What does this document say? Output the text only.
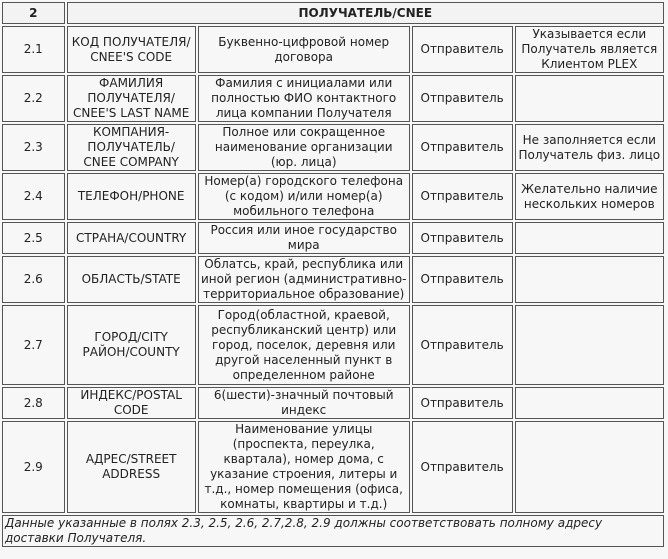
2	ПОЛУЧАТЕЛЬ/CNEE			
2.1	КОД ПОЛУЧАТЕЛЯ/ CNEE'S CODE	Буквенно-цифровой номер договора	Отправитель	Указывается если Получатель является Клиентом PLEX
2.2	ФАМИЛИЯ ПОЛУЧАТЕЛЯ/ CNEE'S LAST NAME	Фамилия с инициалами или полностью ФИО контактного лица компании Получателя	Отправитель	
2.3	КОМПАНИЯ-ПОЛУЧАТЕЛЬ/ CNEE COMPANY	Полное или сокращенное наименование организации (юр. лица)	Отправитель	Не заполняется если Получатель физ. лицо
2.4	ТЕЛЕФОН/PHONE	Номер(а) городского телефона (с кодом) и/или номер(а) мобильного телефона	Отправитель	Желательно наличие нескольких номеров
2.5	СТРАНА/COUNTRY	Россия или иное государство мира	Отправитель	
2.6	ОБЛАСТЬ/STATE	Облатсь, край, республика или иной регион (административно-территориальное образование)	Отправитель	
2.7	ГОРОД/CITY РАЙОН/COUNTY	Город(областной, краевой, республиканский центр) или город, поселок, деревня или другой населенный пункт в определенном районе	Отправитель	
2.8	ИНДЕКС/POSTAL CODE	6(шести)-значный почтовый индекс	Отправитель	
2.9	АДРЕС/STREET ADDRESS	Наименование улицы (проспекта, переулка, квартала), номер дома, с указание строения, литеры и т.д., номер помещения (офиса, комнаты, квартиры и т.д.)	Отправитель	
Данные указанные в полях 2.3, 2.5, 2.6, 2.7,2.8, 2.9 должны соответствовать полному адресу доставки Получателя.				
